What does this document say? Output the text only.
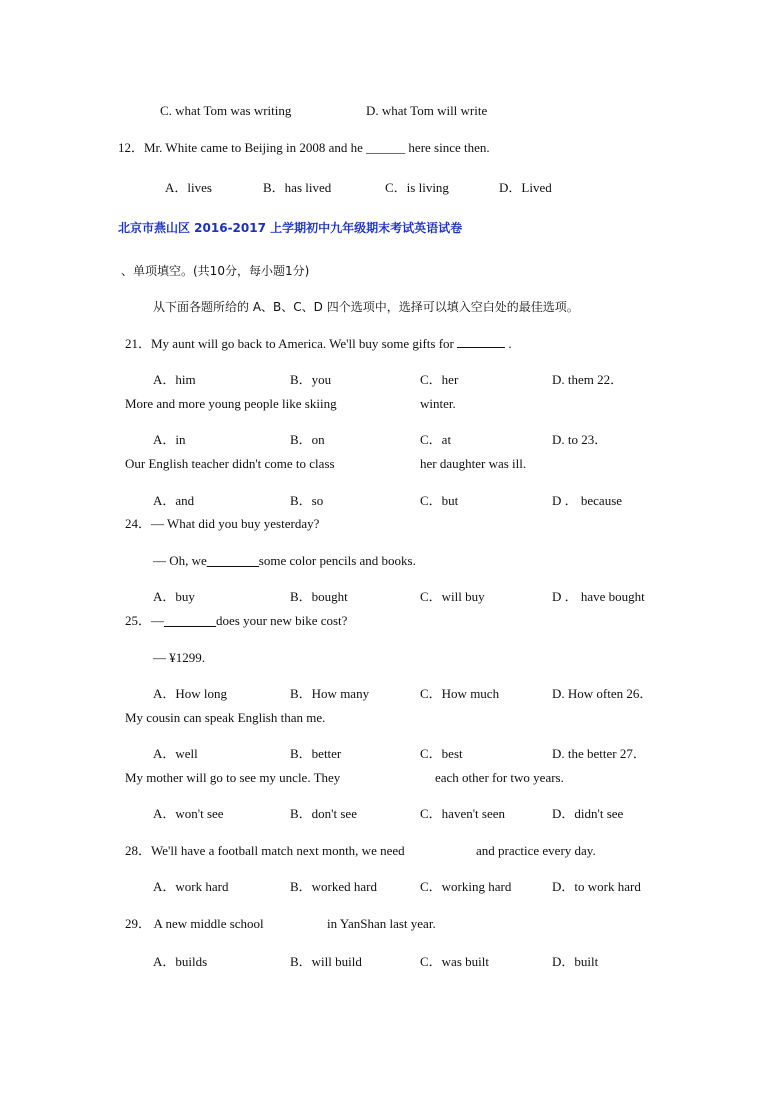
C. what Tom was writing	D. what Tom will write
12．Mr. White came to Beijing in 2008 and he ______ here since then.
A．lives	B．has lived	C．is living	D．Lived
北京市燕山区 2016-2017 上学期初中九年级期末考试英语试卷
、单项填空。(共10分，每小题1分)
从下面各题所给的 A、B、C、D 四个选项中，选择可以填入空白处的最佳选项。
21．My aunt will go back to America. We'll buy some gifts for	.
A．him	B．you	C．her	D. them 22．
More and more young people like skiing	winter.
A．in	B．on	C．at	D. to 23．
Our English teacher didn't come to class	her daughter was ill.
A．and	B．so	C．but	D ． because
24．— What did you buy yesterday?
— Oh, we________some color pencils and books.
A．buy	B．bought	C．will buy	D ． have bought
25．—________does your new bike cost?
— ¥1299.
A．How long	B．How many	C．How much	D. How often 26．
My cousin can speak English than me.
A．well	B．better	C．best	D. the better 27．
My mother will go to see my uncle. They	each other for two years.
A．won't see	B．don't see	C．haven't seen	D．didn't see
28．We'll have a football match next month, we need	and practice every day.
A．work hard	B．worked hard	C．working hard	D．to work hard
29． A new middle school	in YanShan last year.
A．builds	B．will build	C．was built	D．built
